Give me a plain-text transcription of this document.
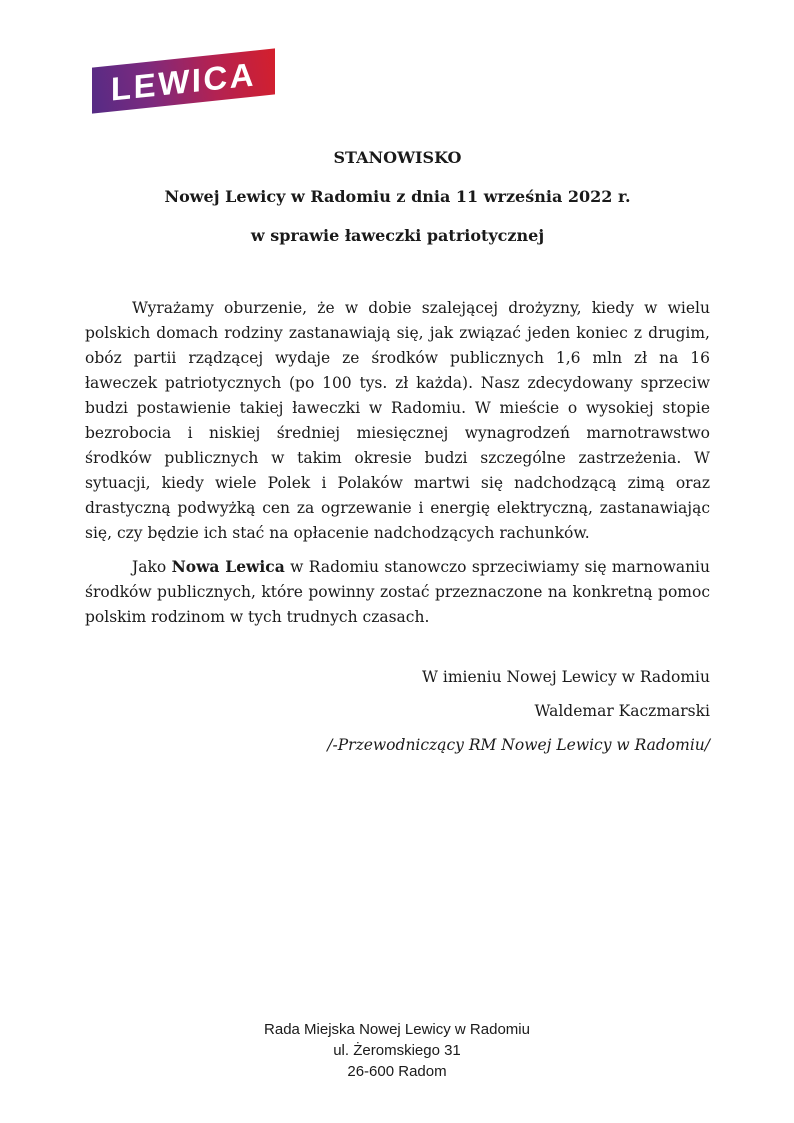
LEWICA
STANOWISKO
Nowej Lewicy w Radomiu z dnia 11 września 2022 r.
w sprawie ławeczki patriotycznej

Wyrażamy oburzenie, że w dobie szalejącej drożyzny, kiedy w wielu polskich domach rodziny zastanawiają się, jak związać jeden koniec z drugim, obóz partii rządzącej wydaje ze środków publicznych 1,6 mln zł na 16 ławeczek patriotycznych (po 100 tys. zł każda). Nasz zdecydowany sprzeciw budzi postawienie takiej ławeczki w Radomiu. W mieście o wysokiej stopie bezrobocia i niskiej średniej miesięcznej wynagrodzeń marnotrawstwo środków publicznych w takim okresie budzi szczególne zastrzeżenia. W sytuacji, kiedy wiele Polek i Polaków martwi się nadchodzącą zimą oraz drastyczną podwyżką cen za ogrzewanie i energię elektryczną, zastanawiając się, czy będzie ich stać na opłacenie nadchodzących rachunków.

Jako Nowa Lewica w Radomiu stanowczo sprzeciwiamy się marnowaniu środków publicznych, które powinny zostać przeznaczone na konkretną pomoc polskim rodzinom w tych trudnych czasach.

W imieniu Nowej Lewicy w Radomiu
Waldemar Kaczmarski
/-Przewodniczący RM Nowej Lewicy w Radomiu/
Rada Miejska Nowej Lewicy w Radomiu
ul. Żeromskiego 31
26-600 Radom
